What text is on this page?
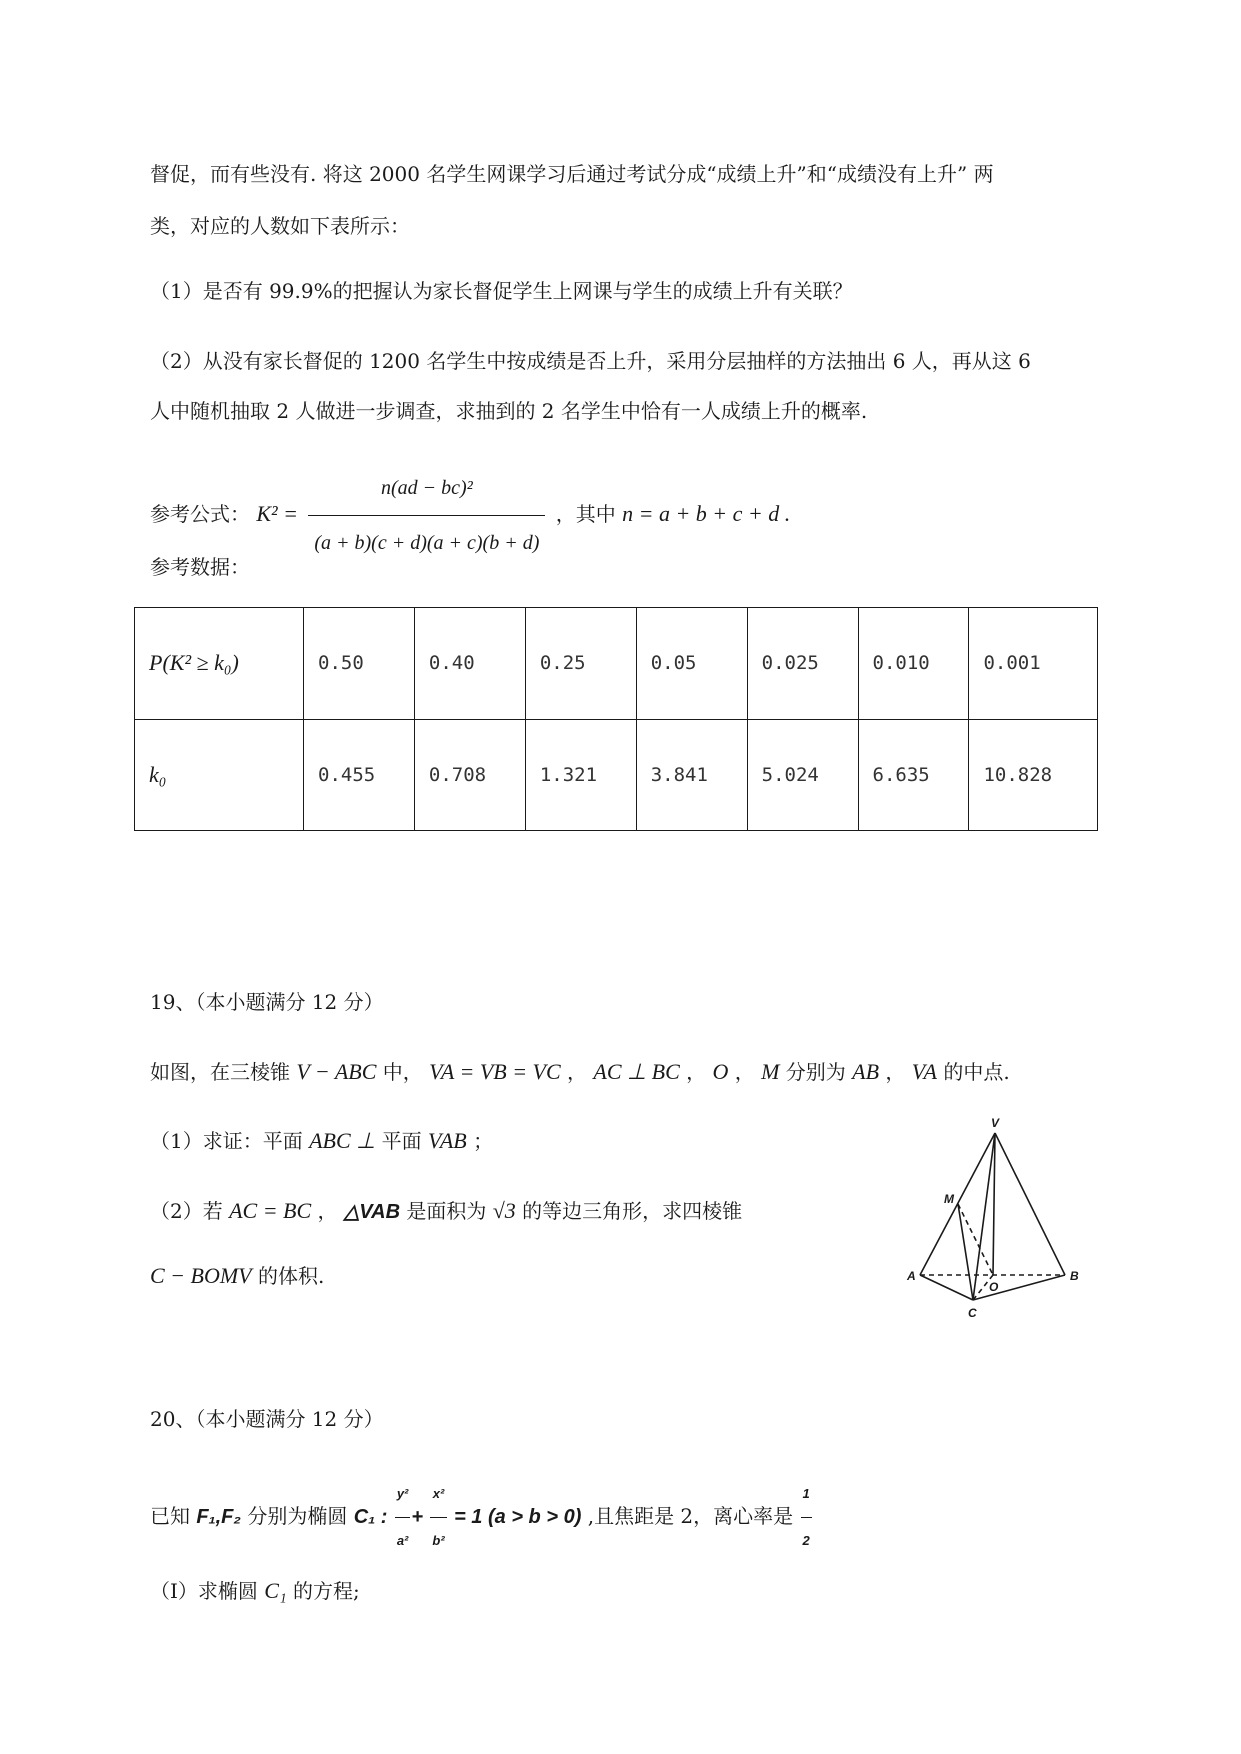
督促，而有些没有. 将这 2000 名学生网课学习后通过考试分成“成绩上升”和“成绩没有上升” 两
类，对应的人数如下表所示：
（1）是否有 99.9%的把握认为家长督促学生上网课与学生的成绩上升有关联？
（2）从没有家长督促的 1200 名学生中按成绩是否上升，采用分层抽样的方法抽出 6 人，再从这 6
人中随机抽取 2 人做进一步调查，求抽到的 2 名学生中恰有一人成绩上升的概率.
参考公式： $K^2 = \frac{\text{n(ad − bc)²}}{(a + b)(c + d)(a + c)(b + d)}$ ，其中 n = a + b + c + d .
参考数据：
P(K² ≥ k₀)	0.50	0.40	0.25	0.05	0.025	0.010	0.001
k₀	0.455	0.708	1.321	3.841	5.024	6.635	10.828
19、（本小题满分 12 分）
如图，在三棱锥 V − ABC 中， VA = VB = VC ， AC ⊥ BC ， O ， M 分别为 AB ， VA 的中点.
（1）求证：平面 ABC ⊥ 平面 VAB ；
（2）若 AC = BC ， △VAB 是面积为 √3 的等边三角形，求四棱锥
C − BOMV 的体积.
V
M
A
O
B
C
20、（本小题满分 12 分）
已知 F₁,F₂ 分别为椭圆 C₁ : $\frac{\text{y²}}{\text{a²}} + \frac{\text{x²}}{\text{b²}} = 1$ (a > b > 0) ,且焦距是 2，离心率是 $\frac{1}{2}$
（I）求椭圆 C₁ 的方程;
